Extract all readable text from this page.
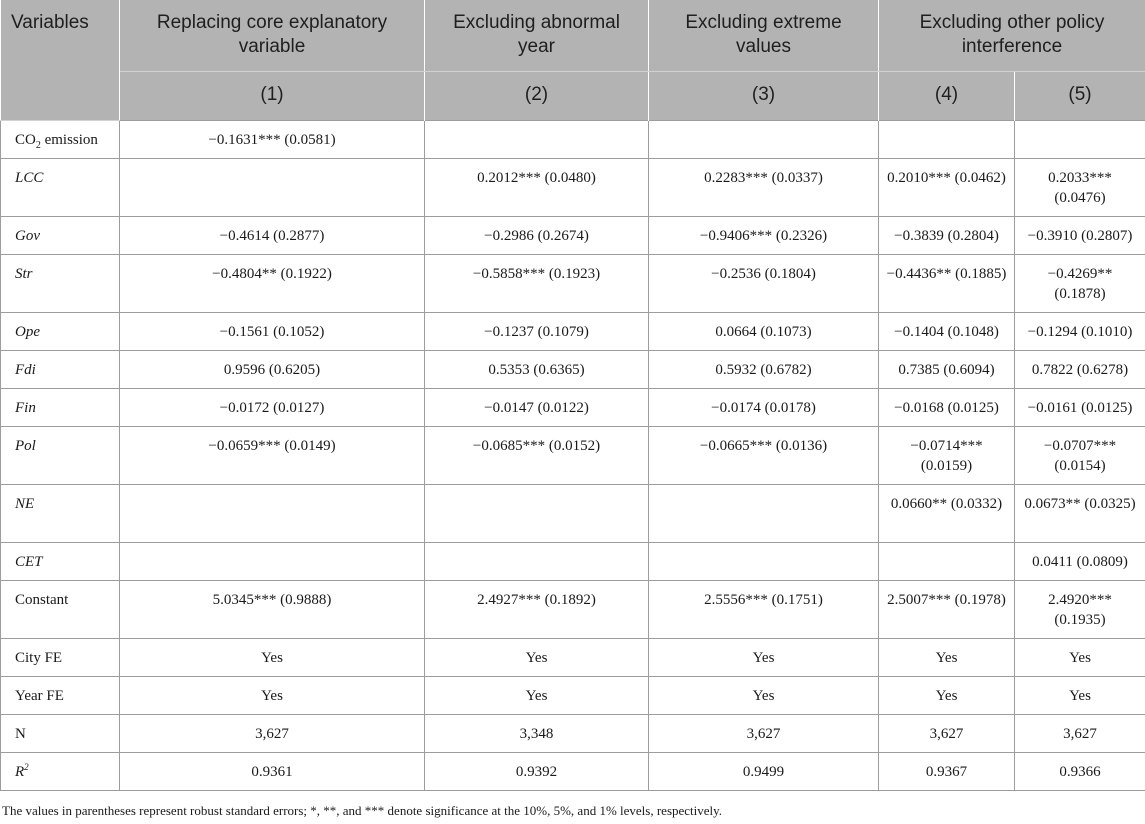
Variables	Replacing core explanatory variable	Excluding abnormal year	Excluding extreme values	Excluding other policy interference	
	(1)	(2)	(3)	(4)	(5)
$CO_2$ emission	−0.1631*** (0.0581)				
LCC		0.2012*** (0.0480)	0.2283*** (0.0337)	0.2010*** (0.0462)	0.2033*** (0.0476)
Gov	−0.4614 (0.2877)	−0.2986 (0.2674)	−0.9406*** (0.2326)	−0.3839 (0.2804)	−0.3910 (0.2807)
Str	−0.4804** (0.1922)	−0.5858*** (0.1923)	−0.2536 (0.1804)	−0.4436** (0.1885)	−0.4269** (0.1878)
Ope	−0.1561 (0.1052)	−0.1237 (0.1079)	0.0664 (0.1073)	−0.1404 (0.1048)	−0.1294 (0.1010)
Fdi	0.9596 (0.6205)	0.5353 (0.6365)	0.5932 (0.6782)	0.7385 (0.6094)	0.7822 (0.6278)
Fin	−0.0172 (0.0127)	−0.0147 (0.0122)	−0.0174 (0.0178)	−0.0168 (0.0125)	−0.0161 (0.0125)
Pol	−0.0659*** (0.0149)	−0.0685*** (0.0152)	−0.0665*** (0.0136)	−0.0714*** (0.0159)	−0.0707*** (0.0154)
NE				0.0660** (0.0332)	0.0673** (0.0325)
CET					0.0411 (0.0809)
Constant	5.0345*** (0.9888)	2.4927*** (0.1892)	2.5556*** (0.1751)	2.5007*** (0.1978)	2.4920*** (0.1935)
City FE	Yes	Yes	Yes	Yes	Yes
Year FE	Yes	Yes	Yes	Yes	Yes
N	3,627	3,348	3,627	3,627	3,627
$R^2$	0.9361	0.9392	0.9499	0.9367	0.9366
The values in parentheses represent robust standard errors; *, **, and *** denote significance at the 10%, 5%, and 1% levels, respectively.
